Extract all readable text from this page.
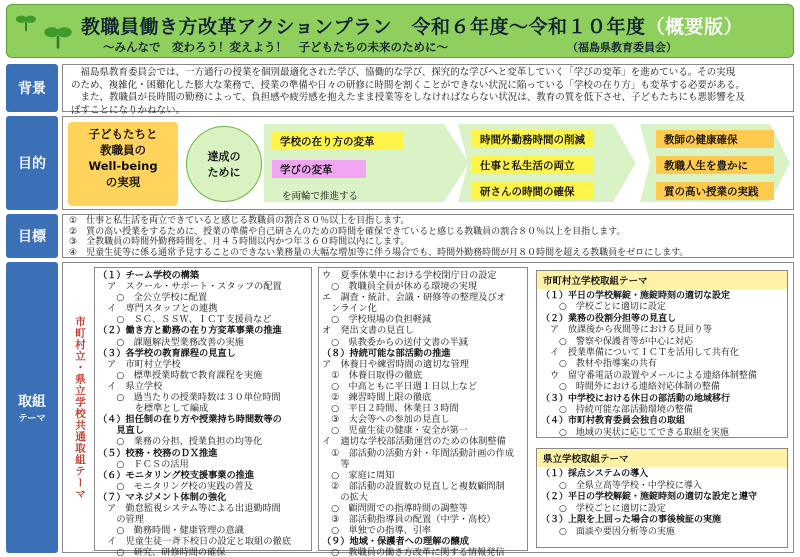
教職員働き方改革アクションプラン　令和６年度〜令和１０年度（概要版）
〜みんなで　変わろう！変えよう！　子どもたちの未来のために〜	（福島県教育委員会）
背景
福島県教育委員会では、一方通行の授業を個別最適化された学び、協働的な学び、探究的な学びへと変革していく「学びの変革」を進めている。その実現
のため、複雑化・困難化した膨大な業務で、授業の準備や日々の研修に時間を割くことができない状況に陥っている「学校の在り方」も変革する必要がある。
また、教職員が長時間の勤務によって、負担感や疲労感を抱えたまま授業等をしなければならない状況は、教育の質を低下させ、子どもたちにも悪影響を及
ぼすことになりかねない。
目的
子どもたちと
教職員の
Well-being
の実現
達成の
ために
学校の在り方の変革
学びの変革
を両輪で推進する
時間外勤務時間の削減
仕事と私生活の両立
研さんの時間の確保
教師の健康確保
教職人生を豊かに
質の高い授業の実践
目標
①　仕事と私生活を両立できていると感じる教職員の割合８０％以上を目指します。
②　質の高い授業をするために、授業の準備や自己研さんのための時間を確保できていると感じる教職員の割合８０％以上を目指します。
③　全教職員の時間外勤務時間を、月４５時間以内かつ年３６０時間以内にします。
④　児童生徒等に係る通常予見することのできない業務量の大幅な増加等に伴う場合でも、時間外勤務時間が月８０時間を超える教職員をゼロにします。
取組
テーマ	市町村立・県立学校共通取組テーマ
（１）チーム学校の構築
　ア　スクール・サポート・スタッフの配置
　　○　全公立学校に配置
　イ　専門スタッフとの連携
　　○　ＳＣ、ＳＳＷ、ＩＣＴ支援員など
（２）働き方と勤務の在り方変革事業の推進
　　○　課題解決型業務改善の実施
（３）各学校の教育課程の見直し
　ア　市町村立学校
　　○　標準授業時数で教育課程を実施
　イ　県立学校
　　○　過当たりの授業時数は３０単位時間
　　　　を標準として編成
（４）担任制の在り方や授業持ち時間数等の
　　見直し
　　○　業務の分担、授業負担の均等化
（５）校務・校務のＤＸ推進
　　○　ＦＣＳの活用
（６）モニタリング校支援事業の推進
　　○　モニタリング校の実践の普及
（７）マネジメント体制の強化
　ア　勤怠監視システム等による出退勤時間
　　の管理
　　○　勤務時間・健康管理の意識
　イ　児童生徒一斉下校日の設定と取組の徹底
　　○　研究、研修時間の確保
ウ　夏季休業中における学校閉庁日の設定
　○　教職員全員が休める環境の実現
エ　調査・統計、会議・研修等の整理及びオ
　ンライン化
　○　学校現場の負担軽減
オ　発出文書の見直し
　○　県教委からの送付文書の半減
（８）持続可能な部活動の推進
ア　休養日や練習時間の適切な管理
　①　休養日取得の徹底
　○　中高ともに平日週１日以上など
　②　練習時間上限の徹底
　○　平日２時間、休業日３時間
　③　大会等への参加の見直し
　○　児童生徒の健康・安全が第一
イ　適切な学校部活動運営のための体制整備
　①　部活動の活動方針・年間活動計画の作成
　　等
　○　家庭に周知
　②　部活動の設置数の見直しと複数顧問制
　　の拡大
　○　顧問間での指導時間の調整等
　③　部活動指導員の配置（中学・高校）
　○　単独での指導、引率
（９）地域・保護者への理解の醸成
　○　教職員の働き方改革に関する情報発信
市町村立学校取組テーマ
（１）平日の学校解錠・施錠時刻の適切な設定
　　○　学校ごとに適切に設定
（２）業務の役割分担等の見直し
　ア　放課後から夜間等における見回り等
　　○　警察や保護者等が中心に対応
　イ　授業準備についてＩＣＴを活用して共有化
　　○　教材や指導案の共有
　ウ　留守番電話の設置やメールによる連絡体制整備
　　○　時間外における連絡対応体制の整備
（３）中学校における休日の部活動の地域移行
　　○　持続可能な部活動環境の整備
（４）市町村教育委員会独自の取組
　　○　地域の実状に応じてできる取組を実施
県立学校取組テーマ
（１）採点システムの導入
　　○　全県立高等学校・中学校に導入
（２）平日の学校解錠・施錠時刻の適切な設定と遵守
　　○　学校ごとに適切に設定
（３）上限を上回った場合の事後検証の実施
　　○　面談や要因分析等の実施
